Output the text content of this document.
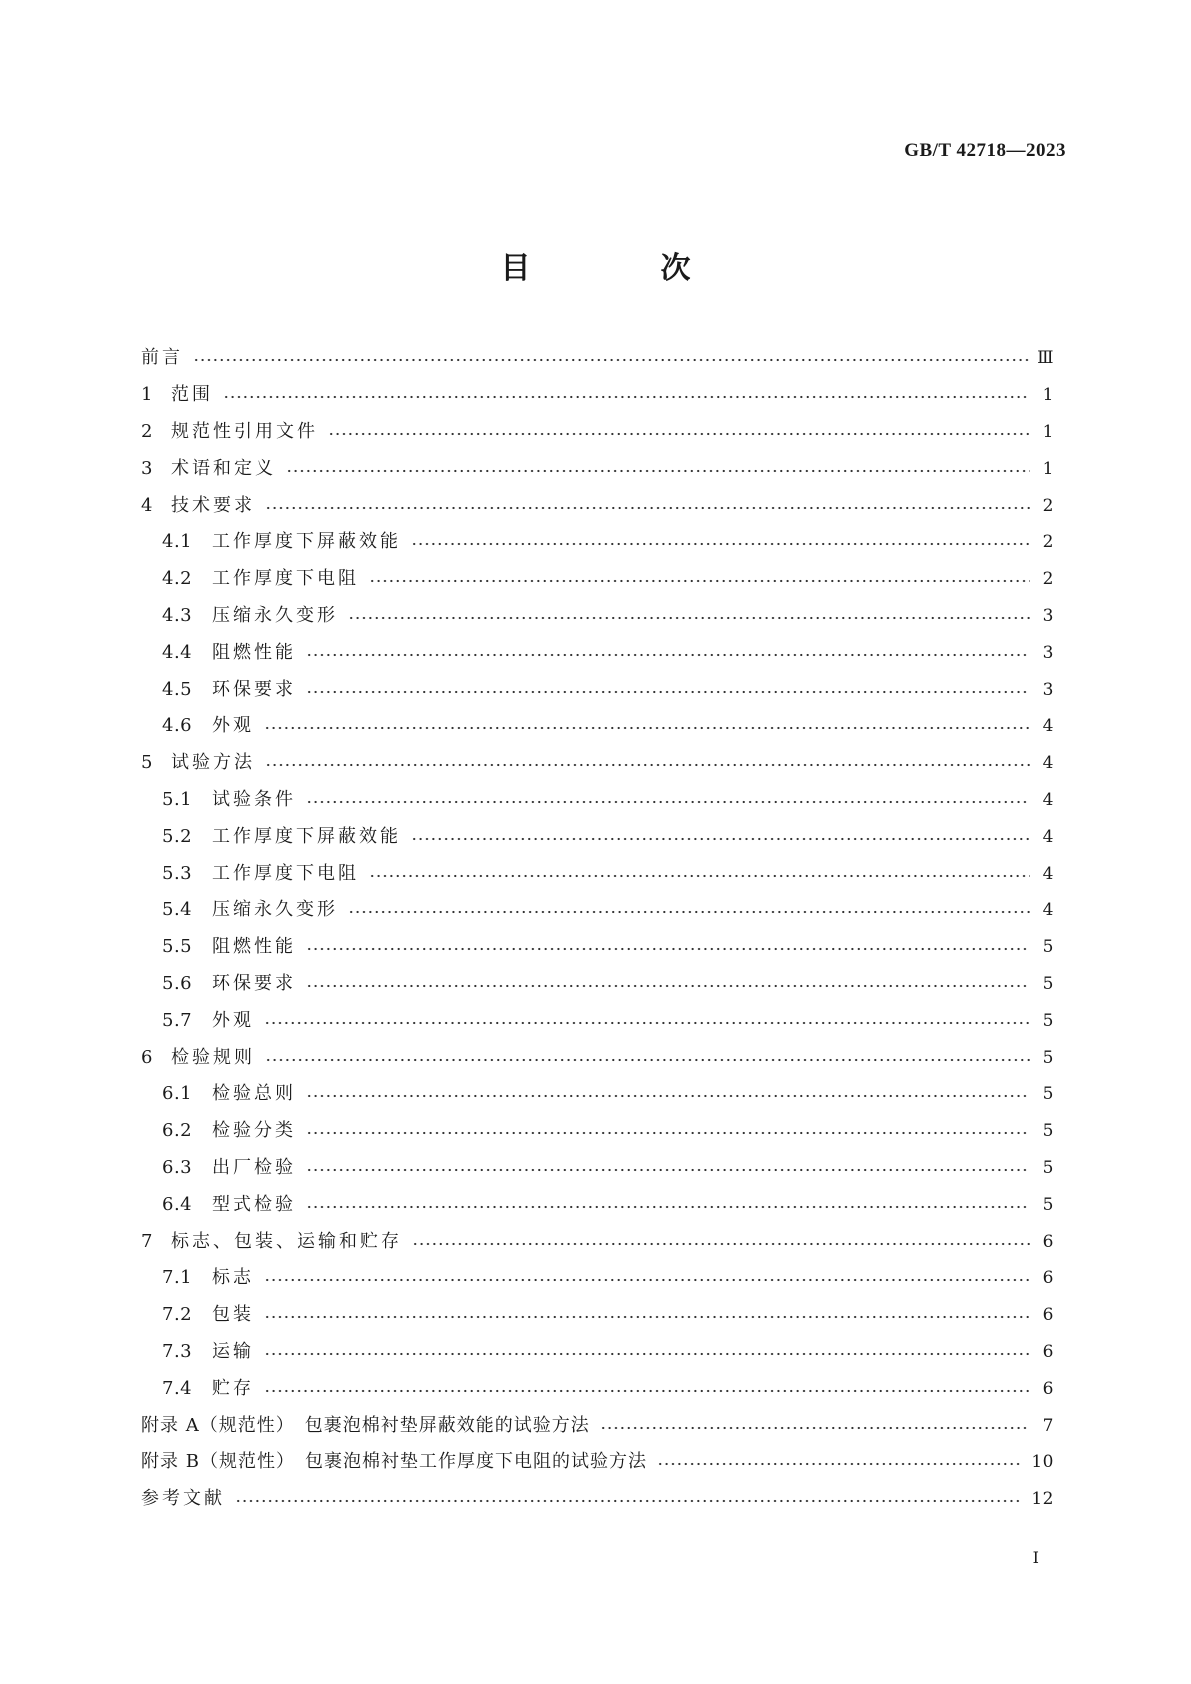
GB/T 42718—2023
目　次
前言	Ⅲ
1	范围	1
2	规范性引用文件	1
3	术语和定义	1
4	技术要求	2
4.1	工作厚度下屏蔽效能	2
4.2	工作厚度下电阻	2
4.3	压缩永久变形	3
4.4	阻燃性能	3
4.5	环保要求	3
4.6	外观	4
5	试验方法	4
5.1	试验条件	4
5.2	工作厚度下屏蔽效能	4
5.3	工作厚度下电阻	4
5.4	压缩永久变形	4
5.5	阻燃性能	5
5.6	环保要求	5
5.7	外观	5
6	检验规则	5
6.1	检验总则	5
6.2	检验分类	5
6.3	出厂检验	5
6.4	型式检验	5
7	标志、包装、运输和贮存	6
7.1	标志	6
7.2	包装	6
7.3	运输	6
7.4	贮存	6
附录 A（规范性）　包裹泡棉衬垫屏蔽效能的试验方法	7
附录 B（规范性）　包裹泡棉衬垫工作厚度下电阻的试验方法	10
参考文献	12
Ⅰ
